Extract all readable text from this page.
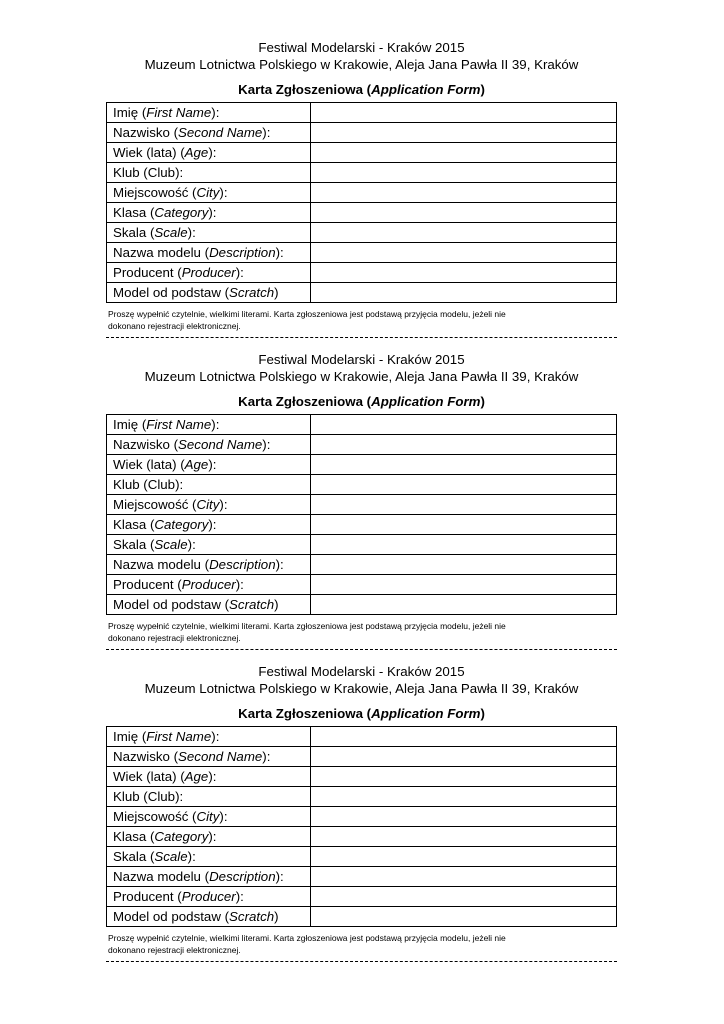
Festiwal Modelarski - Kraków 2015
Muzeum Lotnictwa Polskiego w Krakowie, Aleja Jana Pawła II 39, Kraków
Karta Zgłoszeniowa (Application Form)
Imię (First Name):	
Nazwisko (Second Name):	
Wiek (lata) (Age):	
Klub (Club):	
Miejscowość (City):	
Klasa (Category):	
Skala (Scale):	
Nazwa modelu (Description):	
Producent (Producer):	
Model od podstaw (Scratch)	
Proszę wypełnić czytelnie, wielkimi literami. Karta zgłoszeniowa jest podstawą przyjęcia modelu, jeżeli nie
dokonano rejestracji elektronicznej.
Festiwal Modelarski - Kraków 2015
Muzeum Lotnictwa Polskiego w Krakowie, Aleja Jana Pawła II 39, Kraków
Karta Zgłoszeniowa (Application Form)
Imię (First Name):	
Nazwisko (Second Name):	
Wiek (lata) (Age):	
Klub (Club):	
Miejscowość (City):	
Klasa (Category):	
Skala (Scale):	
Nazwa modelu (Description):	
Producent (Producer):	
Model od podstaw (Scratch)	
Proszę wypełnić czytelnie, wielkimi literami. Karta zgłoszeniowa jest podstawą przyjęcia modelu, jeżeli nie
dokonano rejestracji elektronicznej.
Festiwal Modelarski - Kraków 2015
Muzeum Lotnictwa Polskiego w Krakowie, Aleja Jana Pawła II 39, Kraków
Karta Zgłoszeniowa (Application Form)
Imię (First Name):	
Nazwisko (Second Name):	
Wiek (lata) (Age):	
Klub (Club):	
Miejscowość (City):	
Klasa (Category):	
Skala (Scale):	
Nazwa modelu (Description):	
Producent (Producer):	
Model od podstaw (Scratch)	
Proszę wypełnić czytelnie, wielkimi literami. Karta zgłoszeniowa jest podstawą przyjęcia modelu, jeżeli nie
dokonano rejestracji elektronicznej.
